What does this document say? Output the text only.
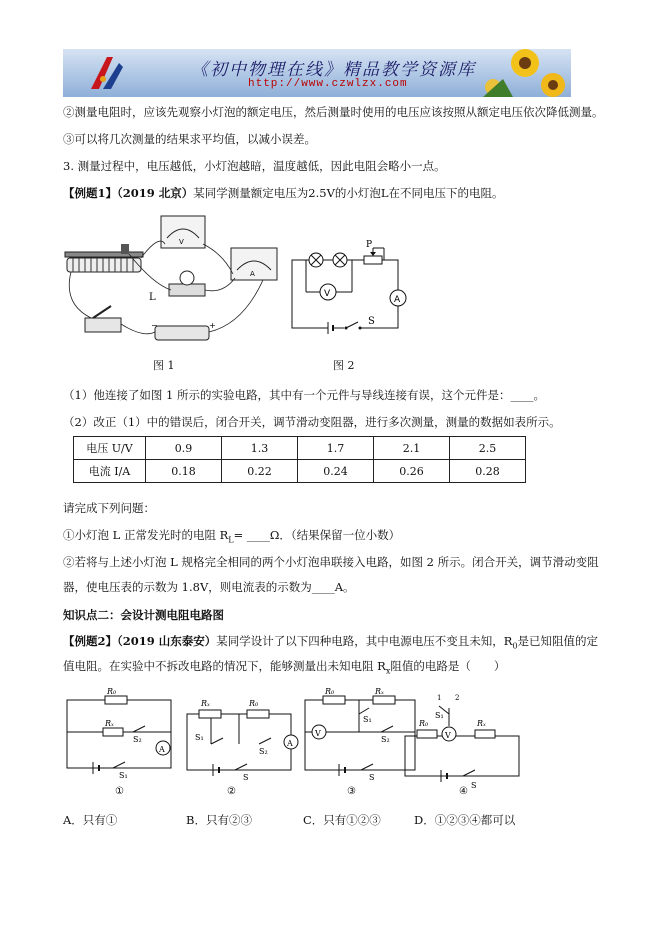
《初中物理在线》精品教学资源库
http://www.czwlzx.com
②测量电阻时，应该先观察小灯泡的额定电压，然后测量时使用的电压应该按照从额定电压依次降低测量。
③可以将几次测量的结果求平均值，以减小误差。
3. 测量过程中，电压越低，小灯泡越暗，温度越低，因此电阻会略小一点。
【例题1】（2019 北京）某同学测量额定电压为2.5V的小灯泡L在不同电压下的电阻。
V
A
−	+
L
P
V
A
S
图 1	图 2
（1）他连接了如图 1 所示的实验电路，其中有一个元件与导线连接有误，这个元件是：____。
（2）改正（1）中的错误后，闭合开关，调节滑动变阻器，进行多次测量，测量的数据如表所示。
电压 U/V	0.9	1.3	1.7	2.1	2.5
电流 I/A	0.18	0.22	0.24	0.26	0.28
请完成下列问题：
①小灯泡 L 正常发光时的电阻 $R_L=$ ____Ω．（结果保留一位小数）
②若将与上述小灯泡 L 规格完全相同的两个小灯泡串联接入电路，如图 2 所示。闭合开关，调节滑动变阻
器，使电压表的示数为 1.8V，则电流表的示数为____A。
知识点二：会设计测电阻电路图
【例题2】（2019 山东泰安）某同学设计了以下四种电路，其中电源电压不变且未知，$R_0$是已知阻值的定
值电阻。在实验中不拆改电路的情况下，能够测量出未知电阻 $R_x$阻值的电路是（　　）
A
R₀
Rₓ
S₂
S₁
A
Rₓ	R₀
S₁
S₂
S
V
R₀	Rₓ
S₁
S₂
S
V
1 2
S₁
R₀	Rₓ
S
①	②	③	④
A．只有①	B．只有②③	C．只有①②③	D．①②③④都可以
